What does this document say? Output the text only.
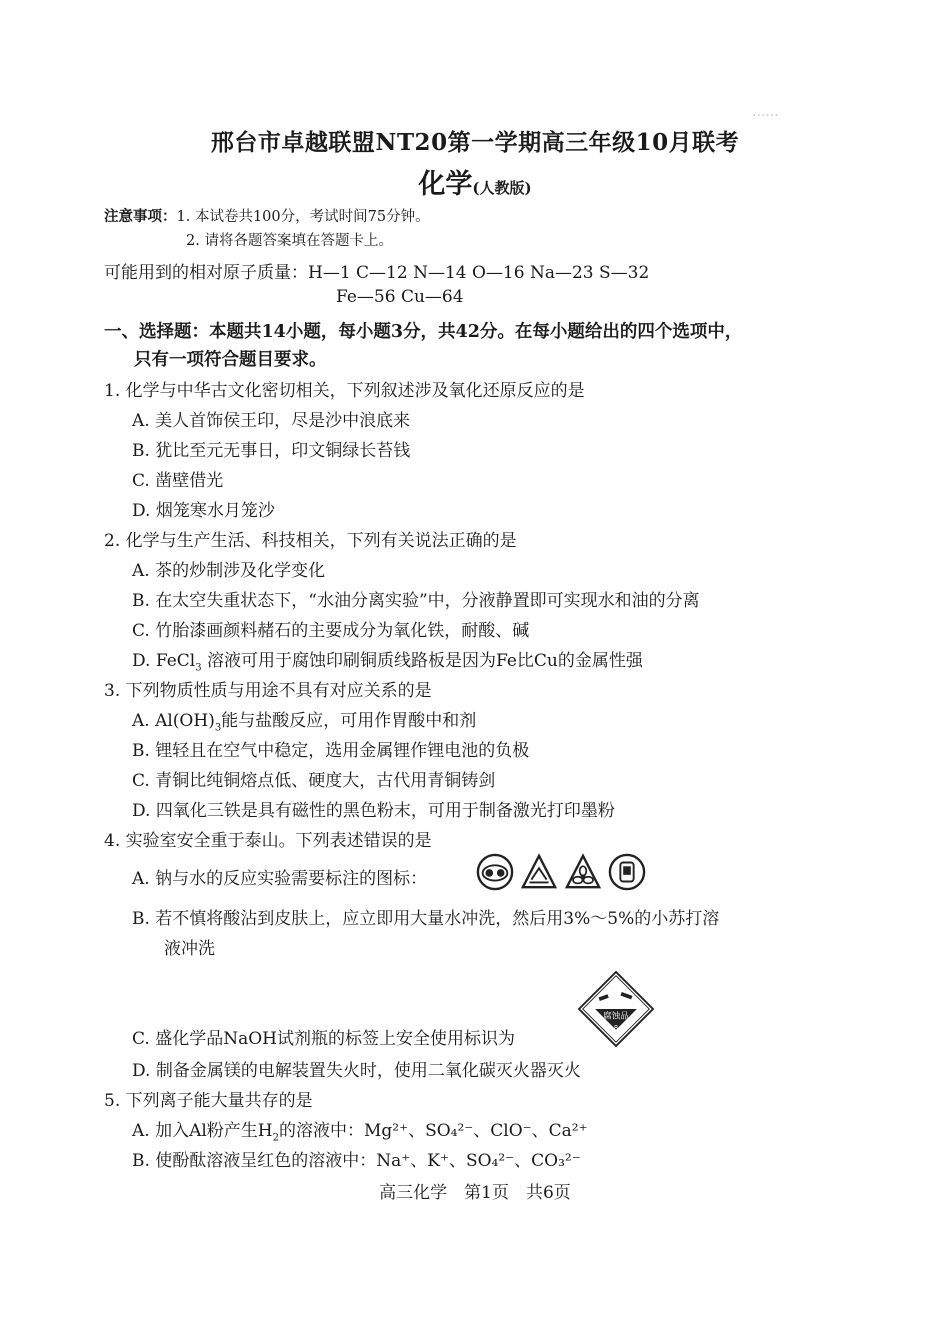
......
邢台市卓越联盟NT20第一学期高三年级10月联考
化学(人教版)
注意事项：1. 本试卷共100分，考试时间75分钟。
2. 请将各题答案填在答题卡上。
可能用到的相对原子质量：H—1 C—12 N—14 O—16 Na—23 S—32
Fe—56 Cu—64
一、选择题：本题共14小题，每小题3分，共42分。在每小题给出的四个选项中，
只有一项符合题目要求。
1. 化学与中华古文化密切相关，下列叙述涉及氧化还原反应的是
A. 美人首饰侯王印，尽是沙中浪底来
B. 犹比至元无事日，印文铜绿长苔钱
C. 凿壁借光
D. 烟笼寒水月笼沙
2. 化学与生产生活、科技相关，下列有关说法正确的是
A. 茶的炒制涉及化学变化
B. 在太空失重状态下，“水油分离实验”中，分液静置即可实现水和油的分离
C. 竹胎漆画颜料赭石的主要成分为氧化铁，耐酸、碱
D. FeCl$_3$ 溶液可用于腐蚀印刷铜质线路板是因为Fe比Cu的金属性强
3. 下列物质性质与用途不具有对应关系的是
A. $Al(OH)_3$能与盐酸反应，可用作胃酸中和剂
B. 锂轻且在空气中稳定，选用金属锂作锂电池的负极
C. 青铜比纯铜熔点低、硬度大，古代用青铜铸剑
D. 四氧化三铁是具有磁性的黑色粉末，可用于制备激光打印墨粉
4. 实验室安全重于泰山。下列表述错误的是
A. 钠与水的反应实验需要标注的图标：
B. 若不慎将酸沾到皮肤上，应立即用大量水冲洗，然后用3%～5%的小苏打溶
液冲洗
C. 盛化学品NaOH试剂瓶的标签上安全使用标识为
腐蚀品
8
D. 制备金属镁的电解装置失火时，使用二氧化碳灭火器灭火
5. 下列离子能大量共存的是
A. 加入Al粉产生$H_2$的溶液中：Mg²⁺、SO₄²⁻、ClO⁻、Ca²⁺
B. 使酚酞溶液呈红色的溶液中：Na⁺、K⁺、SO₄²⁻、CO₃²⁻
高三化学　第1页　共6页
